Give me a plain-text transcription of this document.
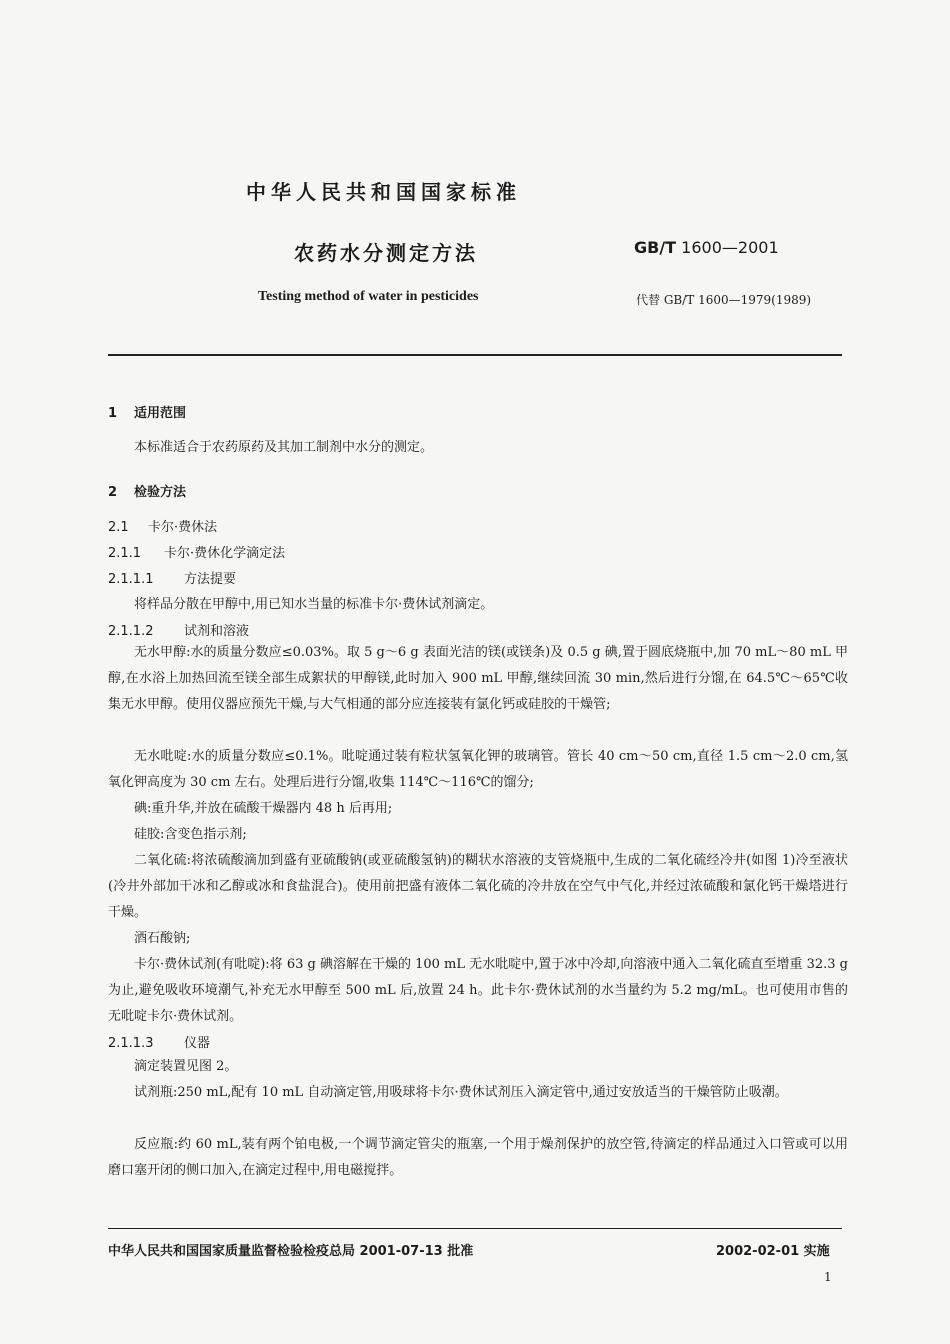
中华人民共和国国家标准
农药水分测定方法	GB/T 1600—2001
Testing method of water in pesticides	代替 GB/T 1600—1979(1989)
1 适用范围
本标准适合于农药原药及其加工制剂中水分的测定。
2 检验方法
2.1 卡尔·费休法
2.1.1 卡尔·费休化学滴定法
2.1.1.1 方法提要
将样品分散在甲醇中,用已知水当量的标准卡尔·费休试剂滴定。
2.1.1.2 试剂和溶液
无水甲醇:水的质量分数应≤0.03%。取 5 g～6 g 表面光洁的镁(或镁条)及 0.5 g 碘,置于圆底烧瓶中,加 70 mL～80 mL 甲醇,在水浴上加热回流至镁全部生成絮状的甲醇镁,此时加入 900 mL 甲醇,继续回流 30 min,然后进行分馏,在 64.5℃～65℃收集无水甲醇。使用仪器应预先干燥,与大气相通的部分应连接装有氯化钙或硅胶的干燥管;
无水吡啶:水的质量分数应≤0.1%。吡啶通过装有粒状氢氧化钾的玻璃管。管长 40 cm～50 cm,直径 1.5 cm～2.0 cm,氢氧化钾高度为 30 cm 左右。处理后进行分馏,收集 114℃～116℃的馏分;
碘:重升华,并放在硫酸干燥器内 48 h 后再用;
硅胶:含变色指示剂;
二氧化硫:将浓硫酸滴加到盛有亚硫酸钠(或亚硫酸氢钠)的糊状水溶液的支管烧瓶中,生成的二氧化硫经冷井(如图 1)冷至液状(冷井外部加干冰和乙醇或冰和食盐混合)。使用前把盛有液体二氧化硫的冷井放在空气中气化,并经过浓硫酸和氯化钙干燥塔进行干燥。
酒石酸钠;
卡尔·费休试剂(有吡啶):将 63 g 碘溶解在干燥的 100 mL 无水吡啶中,置于冰中冷却,向溶液中通入二氧化硫直至增重 32.3 g 为止,避免吸收环境潮气,补充无水甲醇至 500 mL 后,放置 24 h。此卡尔·费休试剂的水当量约为 5.2 mg/mL。也可使用市售的无吡啶卡尔·费休试剂。
2.1.1.3 仪器
滴定装置见图 2。
试剂瓶:250 mL,配有 10 mL 自动滴定管,用吸球将卡尔·费休试剂压入滴定管中,通过安放适当的干燥管防止吸潮。
反应瓶:约 60 mL,装有两个铂电极,一个调节滴定管尖的瓶塞,一个用于燥剂保护的放空管,待滴定的样品通过入口管或可以用磨口塞开闭的侧口加入,在滴定过程中,用电磁搅拌。
中华人民共和国国家质量监督检验检疫总局 2001-07-13 批准	2002-02-01 实施
1
